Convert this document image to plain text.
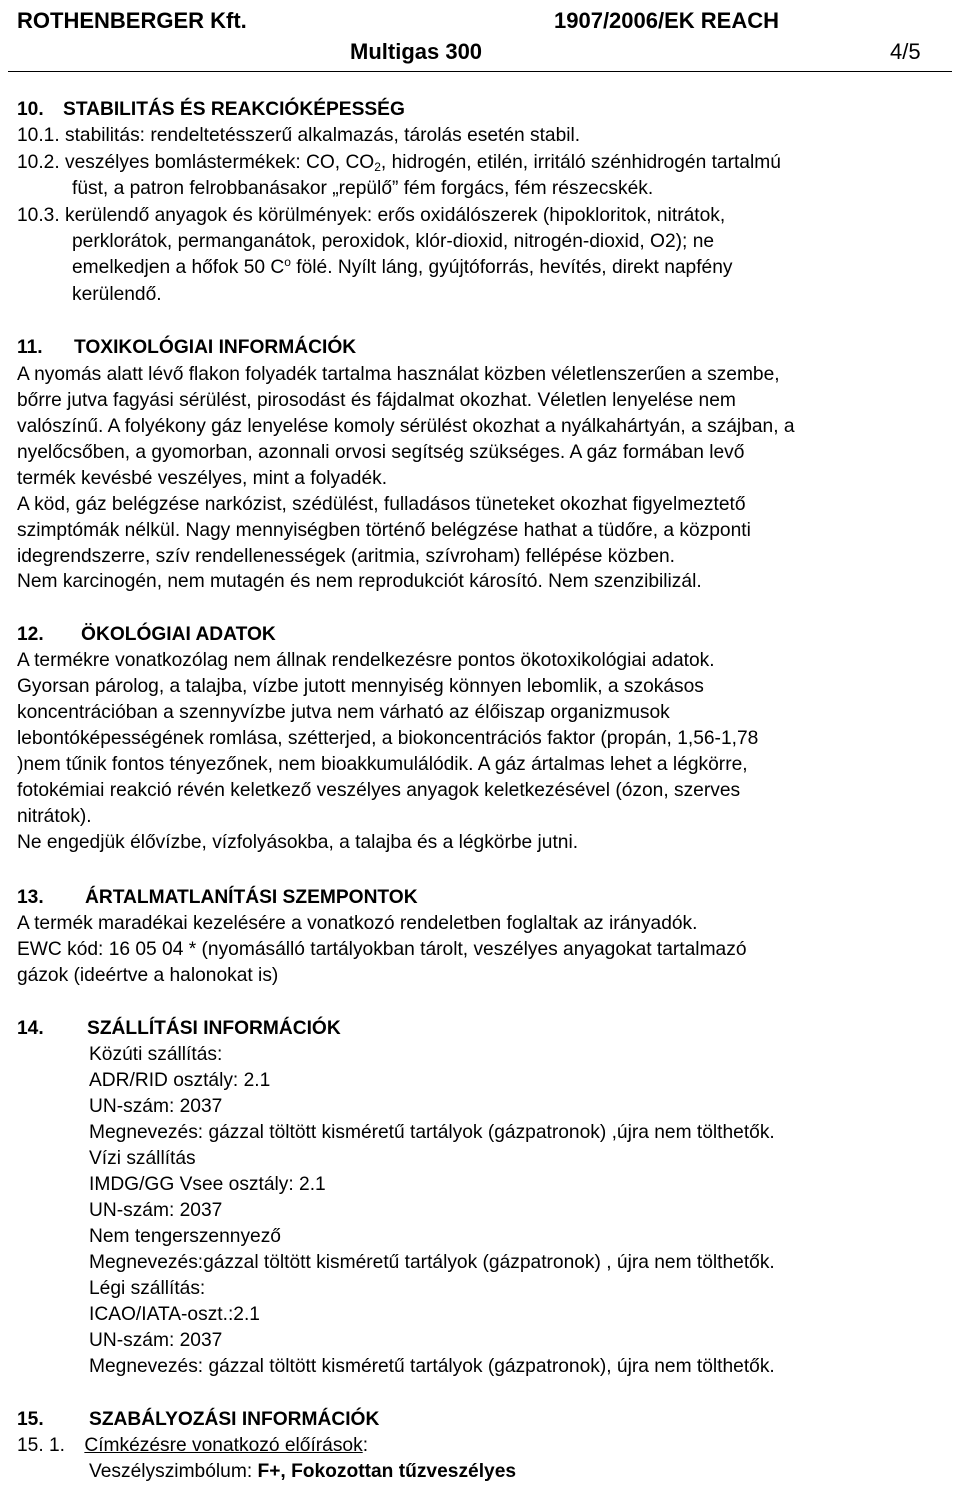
ROTHENBERGER Kft.	1907/2006/EK REACH
Multigas 300	4/5
10. STABILITÁS ÉS REAKCIÓKÉPESSÉG
10.1. stabilitás: rendeltetésszerű alkalmazás, tárolás esetén stabil.
10.2. veszélyes bomlástermékek: CO, $CO_2$, hidrogén, etilén, irritáló szénhidrogén tartalmú
füst, a patron felrobbanásakor „repülő” fém forgács, fém részecskék.
10.3. kerülendő anyagok és körülmények: erős oxidálószerek (hipokloritok, nitrátok,
perklorátok, permanganátok, peroxidok, klór-dioxid, nitrogén-dioxid, O2); ne
emelkedjen a hőfok 50 $C^o$ fölé. Nyílt láng, gyújtóforrás, hevítés, direkt napfény
kerülendő.
11. TOXIKOLÓGIAI INFORMÁCIÓK
A nyomás alatt lévő flakon folyadék tartalma használat közben véletlenszerűen a szembe,
bőrre jutva fagyási sérülést, pirosodást és fájdalmat okozhat. Véletlen lenyelése nem
valószínű. A folyékony gáz lenyelése komoly sérülést okozhat a nyálkahártyán, a szájban, a
nyelőcsőben, a gyomorban, azonnali orvosi segítség szükséges. A gáz formában levő
termék kevésbé veszélyes, mint a folyadék.
A köd, gáz belégzése narkózist, szédülést, fulladásos tüneteket okozhat figyelmeztető
szimptómák nélkül. Nagy mennyiségben történő belégzése hathat a tüdőre, a központi
idegrendszerre, szív rendellenességek (aritmia, szívroham) fellépése közben.
Nem karcinogén, nem mutagén és nem reprodukciót károsító. Nem szenzibilizál.
12. ÖKOLÓGIAI ADATOK
A termékre vonatkozólag nem állnak rendelkezésre pontos ökotoxikológiai adatok.
Gyorsan párolog, a talajba, vízbe jutott mennyiség könnyen lebomlik, a szokásos
koncentrációban a szennyvízbe jutva nem várható az élőiszap organizmusok
lebontóképességének romlása, szétterjed, a biokoncentrációs faktor (propán, 1,56-1,78
)nem tűnik fontos tényezőnek, nem bioakkumulálódik. A gáz ártalmas lehet a légkörre,
fotokémiai reakció révén keletkező veszélyes anyagok keletkezésével (ózon, szerves
nitrátok).
Ne engedjük élővízbe, vízfolyásokba, a talajba és a légkörbe jutni.
13. ÁRTALMATLANÍTÁSI SZEMPONTOK
A termék maradékai kezelésére a vonatkozó rendeletben foglaltak az irányadók.
EWC kód: 16 05 04 * (nyomásálló tartályokban tárolt, veszélyes anyagokat tartalmazó
gázok (ideértve a halonokat is)
14. SZÁLLÍTÁSI INFORMÁCIÓK
Közúti szállítás:
ADR/RID osztály: 2.1
UN-szám: 2037
Megnevezés: gázzal töltött kisméretű tartályok (gázpatronok) ,újra nem tölthetők.
Vízi szállítás
IMDG/GG Vsee osztály: 2.1
UN-szám: 2037
Nem tengerszennyező
Megnevezés:gázzal töltött kisméretű tartályok (gázpatronok) , újra nem tölthetők.
Légi szállítás:
ICAO/IATA-oszt.:2.1
UN-szám: 2037
Megnevezés: gázzal töltött kisméretű tartályok (gázpatronok), újra nem tölthetők.
15. SZABÁLYOZÁSI INFORMÁCIÓK
15. 1. Címkézésre vonatkozó előírások:
Veszélyszimbólum: F+, Fokozottan tűzveszélyes
